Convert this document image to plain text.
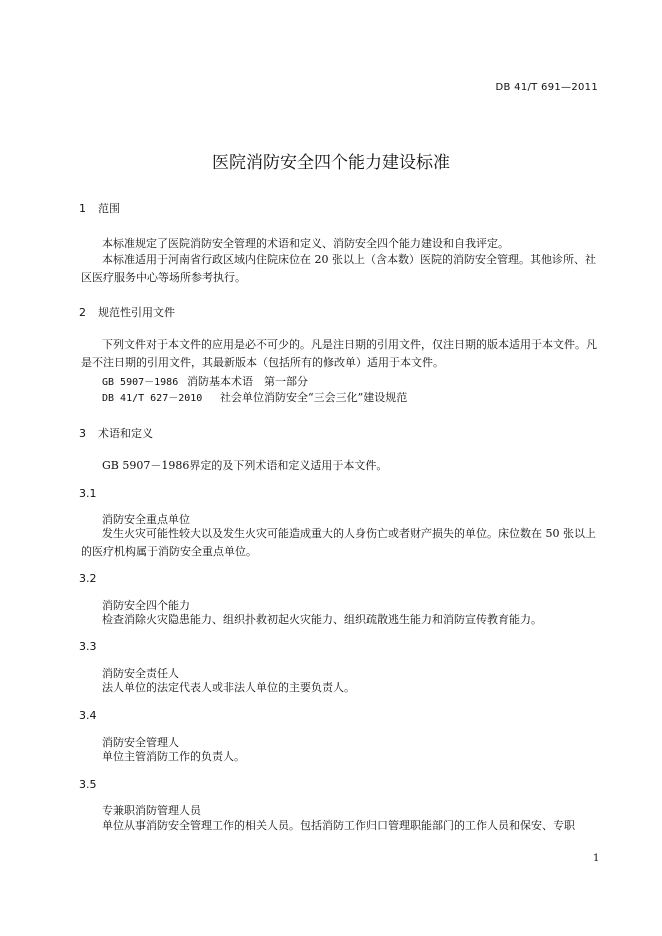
DB 41/T 691—2011
医院消防安全四个能力建设标准
1 范围

本标准规定了医院消防安全管理的术语和定义、消防安全四个能力建设和自我评定。

本标准适用于河南省行政区域内住院床位在 20 张以上（含本数）医院的消防安全管理。其他诊所、社区医疗服务中心等场所参考执行。

2 规范性引用文件

下列文件对于本文件的应用是必不可少的。凡是注日期的引用文件，仅注日期的版本适用于本文件。凡是不注日期的引用文件，其最新版本（包括所有的修改单）适用于本文件。

GB 5907－1986 消防基本术语　第一部分
DB 41/T 627－2010 社会单位消防安全“三会三化”建设规范
3 术语和定义

GB 5907－1986界定的及下列术语和定义适用于本文件。

3.1
消防安全重点单位

发生火灾可能性较大以及发生火灾可能造成重大的人身伤亡或者财产损失的单位。床位数在 50 张以上的医疗机构属于消防安全重点单位。

3.2
消防安全四个能力

检查消除火灾隐患能力、组织扑救初起火灾能力、组织疏散逃生能力和消防宣传教育能力。

3.3
消防安全责任人

法人单位的法定代表人或非法人单位的主要负责人。

3.4
消防安全管理人

单位主管消防工作的负责人。

3.5
专兼职消防管理人员

单位从事消防安全管理工作的相关人员。包括消防工作归口管理职能部门的工作人员和保安、专职

1
